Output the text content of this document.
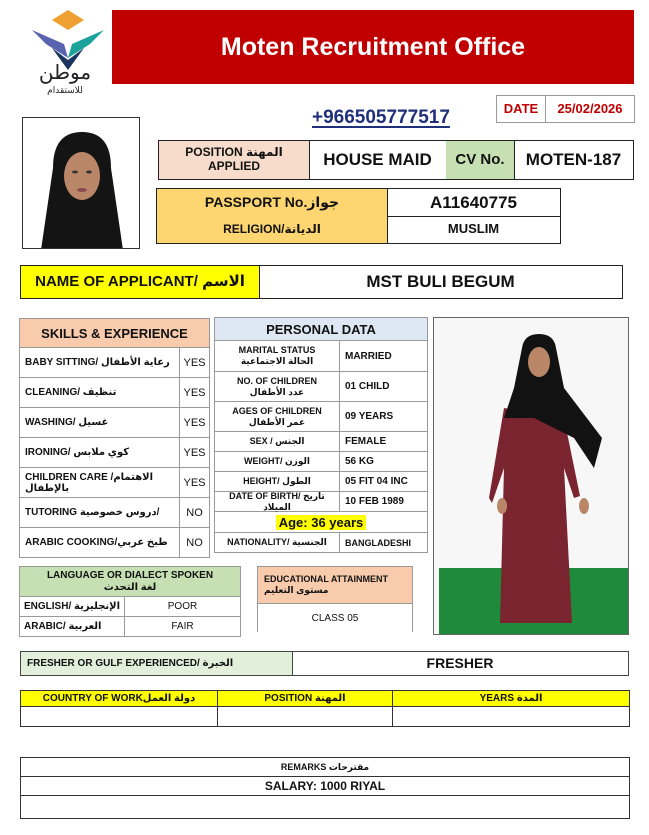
موطن
للاستقدام
Moten Recruitment Office
+966505777517	DATE	25/02/2026
POSITION المهنة APPLIED	HOUSE MAID	CV No.	MOTEN-187
PASSPORT No.جواز	A11640775
RELIGION/الديانة	MUSLIM
NAME OF APPLICANT/ الاسم	MST BULI BEGUM
SKILLS & EXPERIENCE
BABY SITTING/ رعاية الأطفال	YES
CLEANING/ تنظيف	YES
WASHING/ غسيل	YES
IRONING/ كوي ملابس	YES
CHILDREN CARE /الاهتمام بالإطفال	YES
TUTORING دروس خصوصية/	NO
ARABIC COOKING/طبخ عربي	NO
PERSONAL DATA
MARITAL STATUS
الحالة الاجتماعية	MARRIED
NO. OF CHILDREN
عدد الأطفال	01 CHILD
AGES OF CHILDREN
عمر الأطفال	09 YEARS
SEX / الجنس	FEMALE
WEIGHT/ الوزن	56 KG
HEIGHT/ الطول	05 FIT 04 INC
DATE OF BIRTH/ تاريخ الميلاد	10 FEB 1989
Age: 36 years
NATIONALITY/ الجنسية	BANGLADESHI
LANGUAGE OR DIALECT SPOKEN
لغة التحدث
ENGLISH/ الإنجليزية	POOR
ARABIC/ العربية	FAIR
EDUCATIONAL ATTAINMENT
مستوى التعليم
CLASS 05
FRESHER OR GULF EXPERIENCED/ الخبرة	FRESHER
COUNTRY OF WORKدولة العمل	POSITION المهنة	YEARS المدة
REMARKS مقترحات
SALARY: 1000 RIYAL
